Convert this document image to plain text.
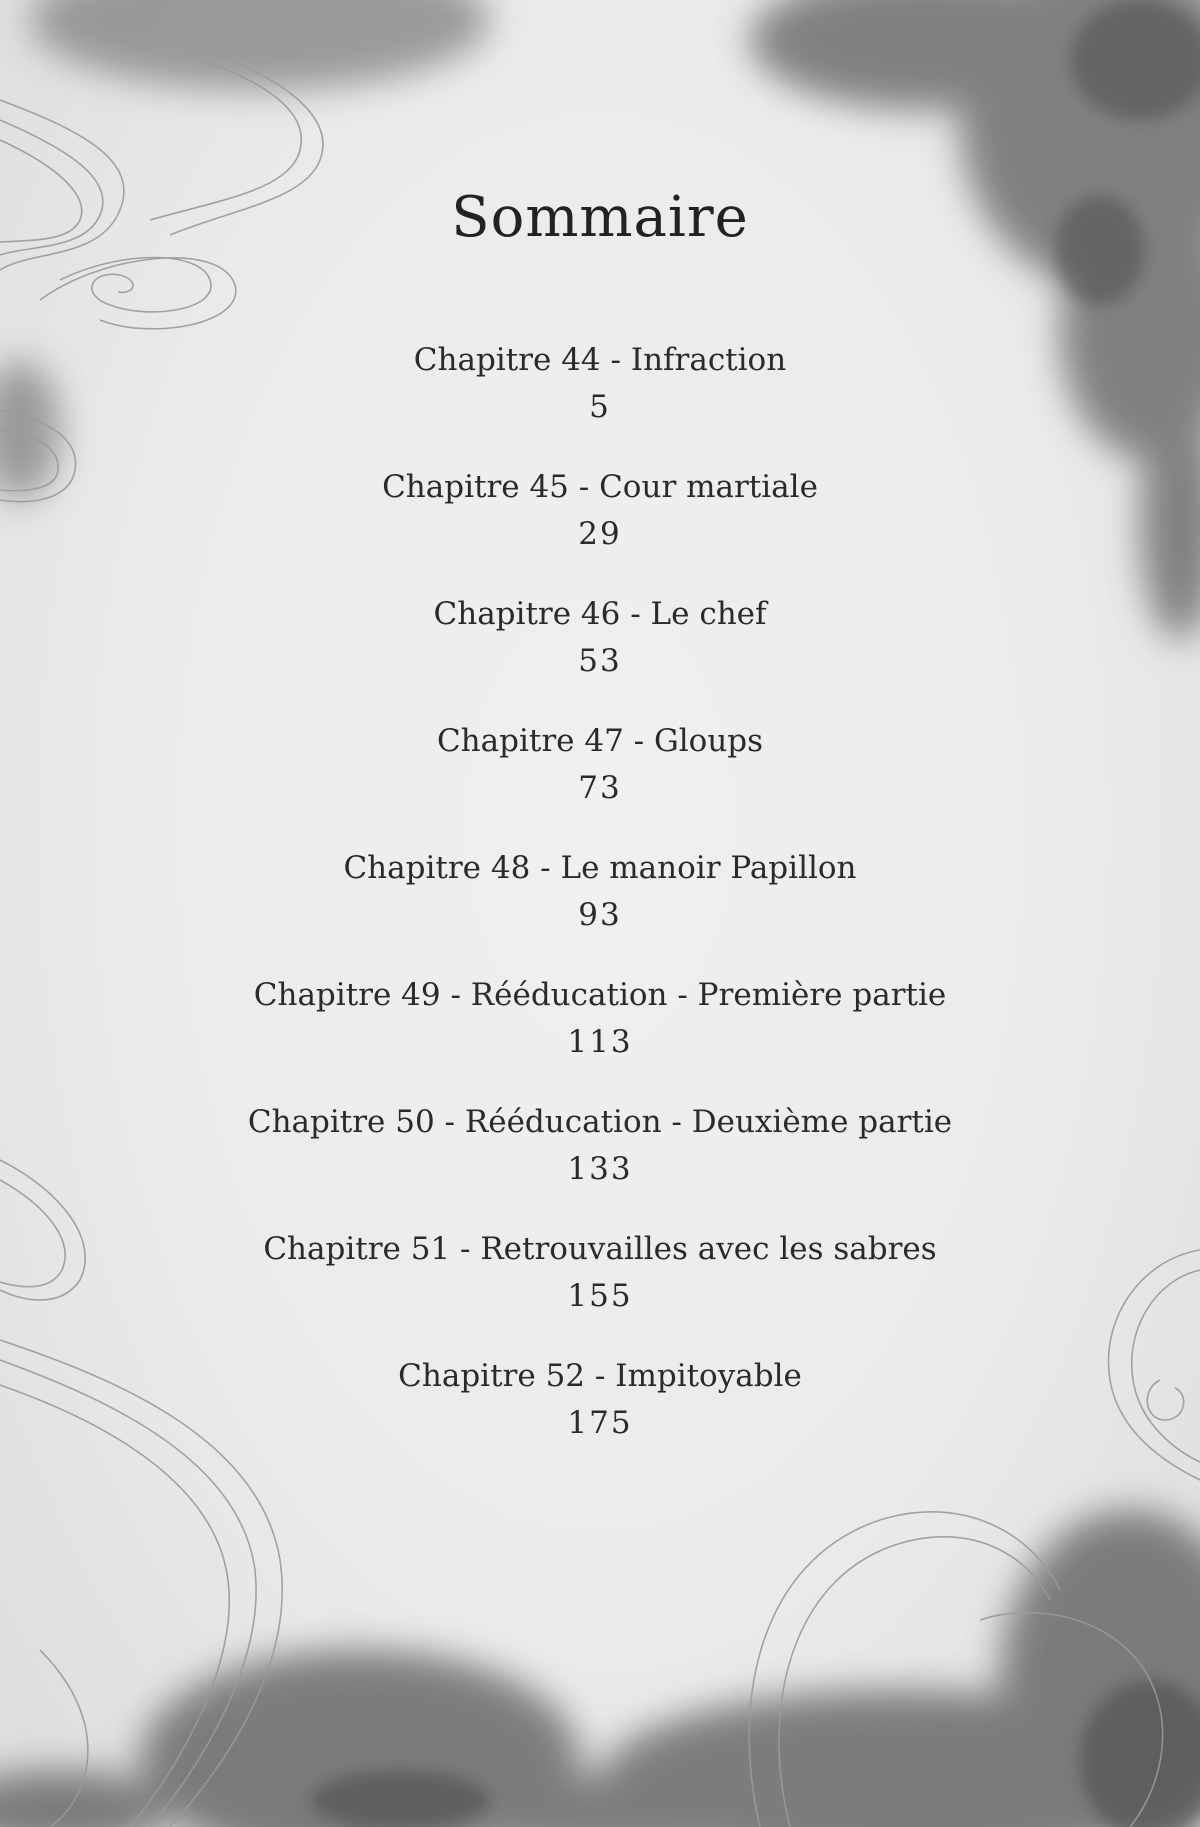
Sommaire
Chapitre 44 - Infraction
5
Chapitre 45 - Cour martiale
29
Chapitre 46 - Le chef
53
Chapitre 47 - Gloups
73
Chapitre 48 - Le manoir Papillon
93
Chapitre 49 - Rééducation - Première partie
113
Chapitre 50 - Rééducation - Deuxième partie
133
Chapitre 51 - Retrouvailles avec les sabres
155
Chapitre 52 - Impitoyable
175
